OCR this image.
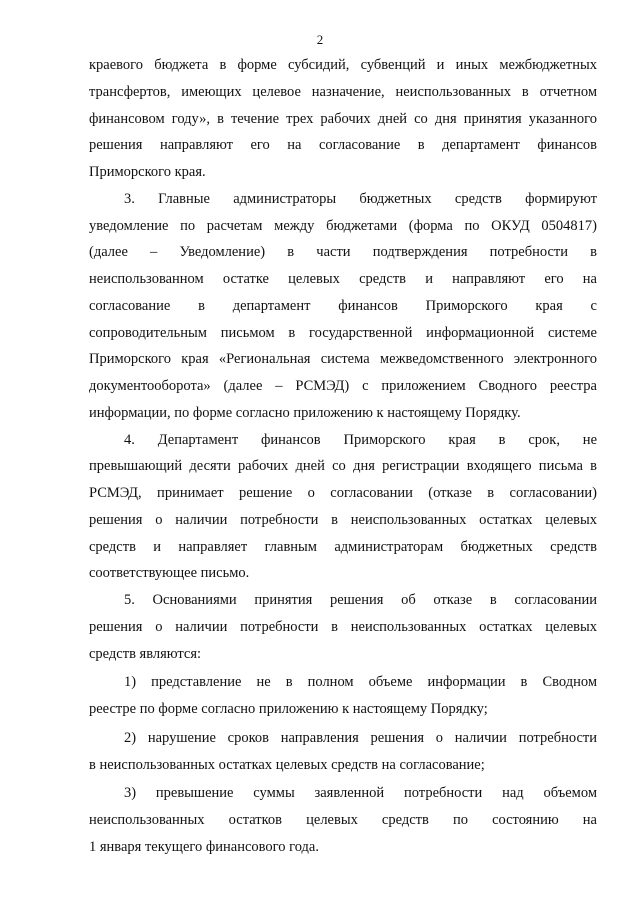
2
краевого бюджета в форме субсидий, субвенций и иных межбюджетных
трансфертов, имеющих целевое назначение, неиспользованных в отчетном
финансовом году», в течение трех рабочих дней со дня принятия указанного
решения направляют его на согласование в департамент финансов
Приморского края.
3. Главные администраторы бюджетных средств формируют
уведомление по расчетам между бюджетами (форма по ОКУД 0504817)
(далее – Уведомление) в части подтверждения потребности в
неиспользованном остатке целевых средств и направляют его на
согласование в департамент финансов Приморского края с
сопроводительным письмом в государственной информационной системе
Приморского края «Региональная система межведомственного электронного
документооборота» (далее – РСМЭД) с приложением Сводного реестра
информации, по форме согласно приложению к настоящему Порядку.
4. Департамент финансов Приморского края в срок, не
превышающий десяти рабочих дней со дня регистрации входящего письма в
РСМЭД, принимает решение о согласовании (отказе в согласовании)
решения о наличии потребности в неиспользованных остатках целевых
средств и направляет главным администраторам бюджетных средств
соответствующее письмо.
5. Основаниями принятия решения об отказе в согласовании
решения о наличии потребности в неиспользованных остатках целевых
средств являются:
1) представление не в полном объеме информации в Сводном
реестре по форме согласно приложению к настоящему Порядку;
2) нарушение сроков направления решения о наличии потребности
в неиспользованных остатках целевых средств на согласование;
3) превышение суммы заявленной потребности над объемом
неиспользованных остатков целевых средств по состоянию на
1 января текущего финансового года.
